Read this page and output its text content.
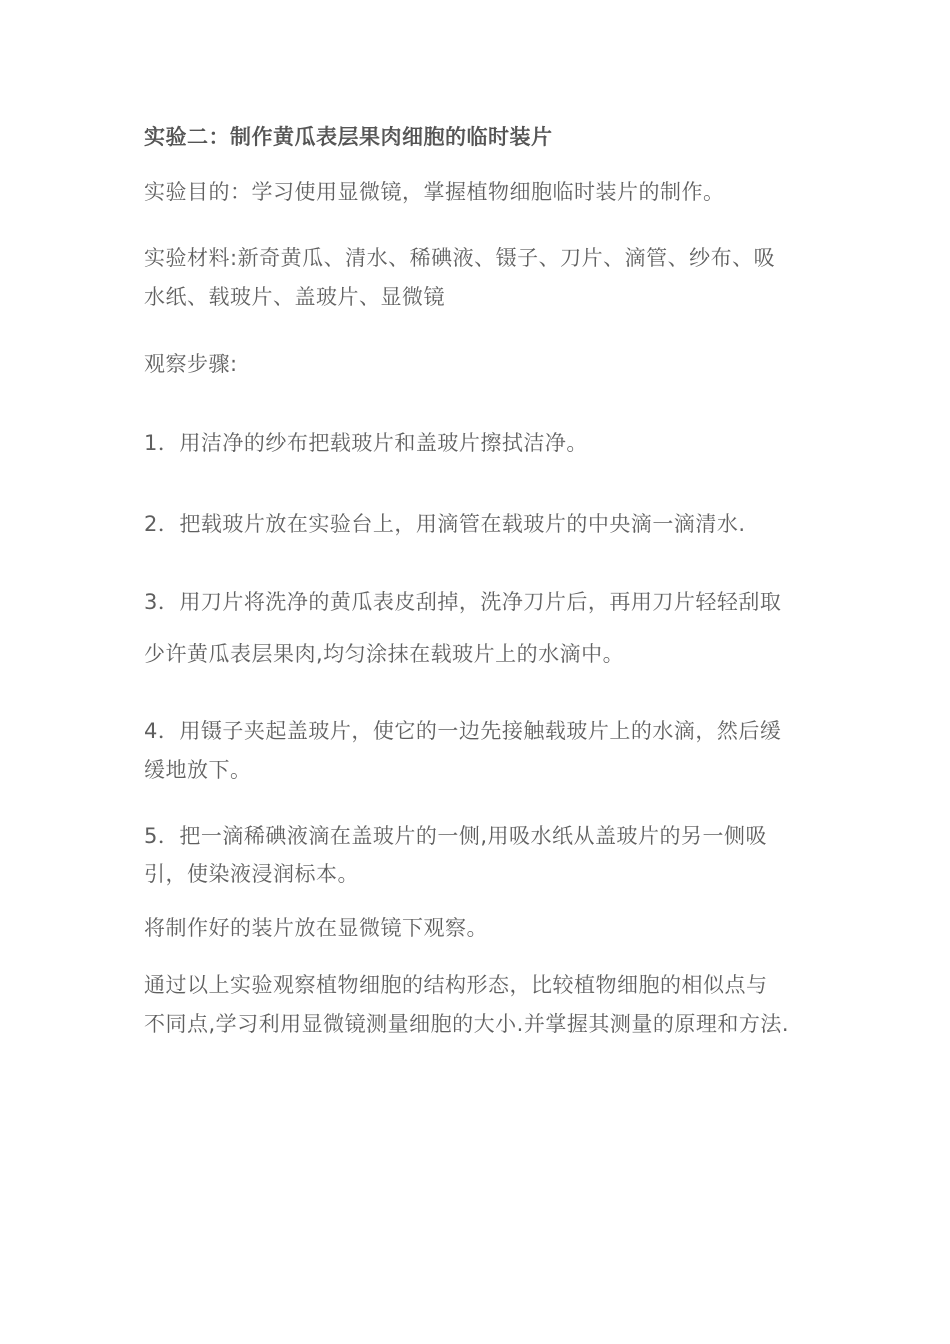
实验二：制作黄瓜表层果肉细胞的临时装片
实验目的：学习使用显微镜，掌握植物细胞临时装片的制作。
实验材料:新奇黄瓜、清水、稀碘液、镊子、刀片、滴管、纱布、吸
水纸、载玻片、盖玻片、显微镜
观察步骤:
1．用洁净的纱布把载玻片和盖玻片擦拭洁净。
2．把载玻片放在实验台上，用滴管在载玻片的中央滴一滴清水.
3．用刀片将洗净的黄瓜表皮刮掉，洗净刀片后，再用刀片轻轻刮取
少许黄瓜表层果肉,均匀涂抹在载玻片上的水滴中。
4．用镊子夹起盖玻片，使它的一边先接触载玻片上的水滴，然后缓
缓地放下。
5．把一滴稀碘液滴在盖玻片的一侧,用吸水纸从盖玻片的另一侧吸
引，使染液浸润标本。
将制作好的装片放在显微镜下观察。
通过以上实验观察植物细胞的结构形态，比较植物细胞的相似点与
不同点,学习利用显微镜测量细胞的大小.并掌握其测量的原理和方法.
